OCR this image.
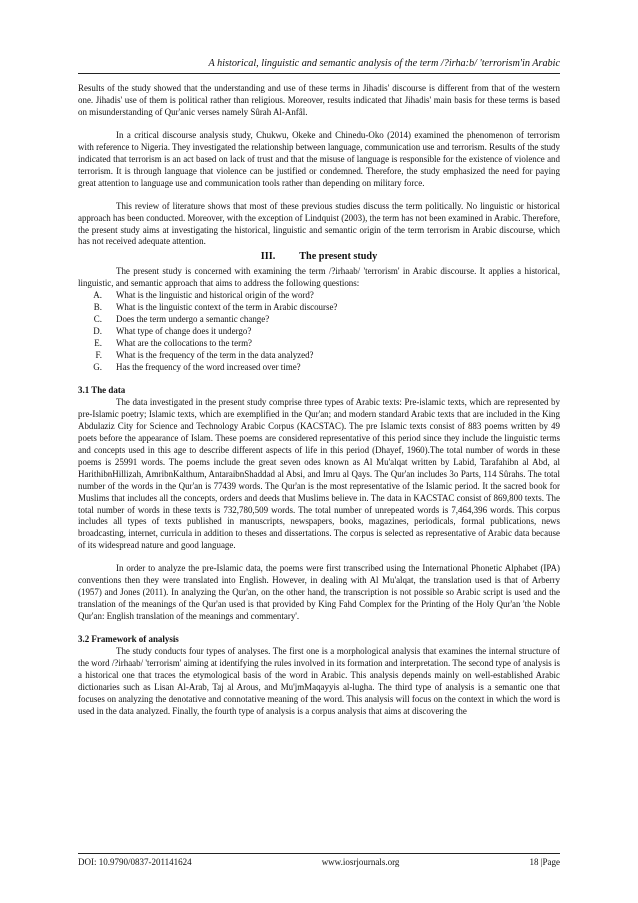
A historical, linguistic and semantic analysis of the term /?irha:b/ 'terrorism'in Arabic

Results of the study showed that the understanding and use of these terms in Jihadis' discourse is different from that of the western one. Jihadis' use of them is political rather than religious. Moreover, results indicated that Jihadis' main basis for these terms is based on misunderstanding of Qur'anic verses namely Sûrah Al-Anfâl.

In a critical discourse analysis study, Chukwu, Okeke and Chinedu-Oko (2014) examined the phenomenon of terrorism with reference to Nigeria. They investigated the relationship between language, communication use and terrorism. Results of the study indicated that terrorism is an act based on lack of trust and that the misuse of language is responsible for the existence of violence and terrorism. It is through language that violence can be justified or condemned. Therefore, the study emphasized the need for paying great attention to language use and communication tools rather than depending on military force.

This review of literature shows that most of these previous studies discuss the term politically. No linguistic or historical approach has been conducted. Moreover, with the exception of Lindquist (2003), the term has not been examined in Arabic. Therefore, the present study aims at investigating the historical, linguistic and semantic origin of the term terrorism in Arabic discourse, which has not received adequate attention.

III. The present study

The present study is concerned with examining the term /?irhaab/ 'terrorism' in Arabic discourse. It applies a historical, linguistic, and semantic approach that aims to address the following questions:

A.	What is the linguistic and historical origin of the word?
B.	What is the linguistic context of the term in Arabic discourse?
C.	Does the term undergo a semantic change?
D.	What type of change does it undergo?
E.	What are the collocations to the term?
F.	What is the frequency of the term in the data analyzed?
G.	Has the frequency of the word increased over time?

3.1 The data

The data investigated in the present study comprise three types of Arabic texts: Pre-islamic texts, which are represented by pre-Islamic poetry; Islamic texts, which are exemplified in the Qur'an; and modern standard Arabic texts that are included in the King Abdulaziz City for Science and Technology Arabic Corpus (KACSTAC). The pre Islamic texts consist of 883 poems written by 49 poets before the appearance of Islam. These poems are considered representative of this period since they include the linguistic terms and concepts used in this age to describe different aspects of life in this period (Dhayef, 1960).The total number of words in these poems is 25991 words. The poems include the great seven odes known as Al Mu'alqat written by Labid, Tarafahibn al Abd, al HarithibnHillizah, AmribnKalthum, AntaraibnShaddad al Absi, and Imru al Qays. The Qur'an includes 3o Parts, 114 Sûrahs. The total number of the words in the Qur'an is 77439 words. The Qur'an is the most representative of the Islamic period. It the sacred book for Muslims that includes all the concepts, orders and deeds that Muslims believe in. The data in KACSTAC consist of 869,800 texts. The total number of words in these texts is 732,780,509 words. The total number of unrepeated words is 7,464,396 words. This corpus includes all types of texts published in manuscripts, newspapers, books, magazines, periodicals, formal publications, news broadcasting, internet, curricula in addition to theses and dissertations. The corpus is selected as representative of Arabic data because of its widespread nature and good language.

In order to analyze the pre-Islamic data, the poems were first transcribed using the International Phonetic Alphabet (IPA) conventions then they were translated into English. However, in dealing with Al Mu'alqat, the translation used is that of Arberry (1957) and Jones (2011). In analyzing the Qur'an, on the other hand, the transcription is not possible so Arabic script is used and the translation of the meanings of the Qur'an used is that provided by King Fahd Complex for the Printing of the Holy Qur'an 'the Noble Qur'an: English translation of the meanings and commentary'.

3.2 Framework of analysis

The study conducts four types of analyses. The first one is a morphological analysis that examines the internal structure of the word /?irhaab/ 'terrorism' aiming at identifying the rules involved in its formation and interpretation. The second type of analysis is a historical one that traces the etymological basis of the word in Arabic. This analysis depends mainly on well-established Arabic dictionaries such as Lisan Al-Arab, Taj al Arous, and Mu'jmMaqayyis al-lugha. The third type of analysis is a semantic one that focuses on analyzing the denotative and connotative meaning of the word. This analysis will focus on the context in which the word is used in the data analyzed. Finally, the fourth type of analysis is a corpus analysis that aims at discovering the

DOI: 10.9790/0837-201141624	www.iosrjournals.org	18 |Page
